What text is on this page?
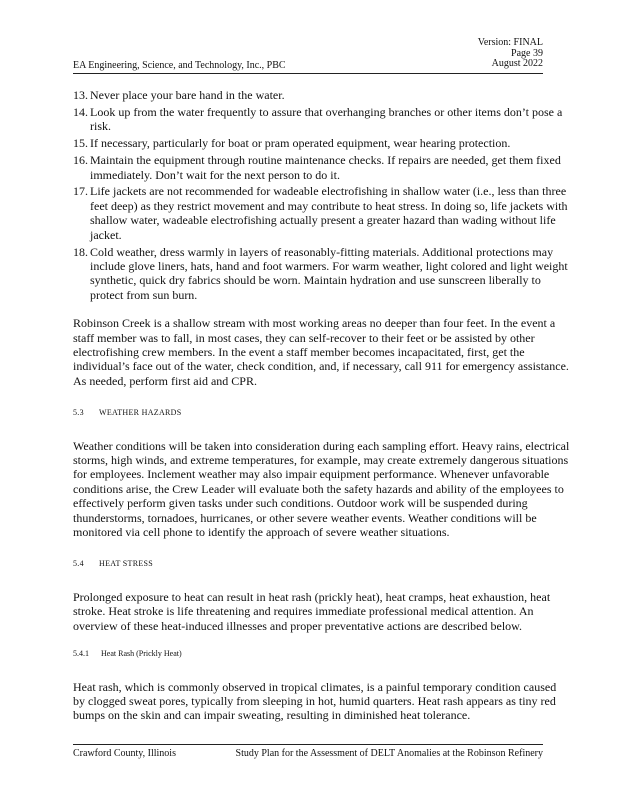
Version: FINAL
Page 39
August 2022
EA Engineering, Science, and Technology, Inc., PBC
13. Never place your bare hand in the water.
14. Look up from the water frequently to assure that overhanging branches or other items don’t pose a risk.
15. If necessary, particularly for boat or pram operated equipment, wear hearing protection.
16. Maintain the equipment through routine maintenance checks. If repairs are needed, get them fixed immediately. Don’t wait for the next person to do it.
17. Life jackets are not recommended for wadeable electrofishing in shallow water (i.e., less than three feet deep) as they restrict movement and may contribute to heat stress. In doing so, life jackets with shallow water, wadeable electrofishing actually present a greater hazard than wading without life jacket.
18. Cold weather, dress warmly in layers of reasonably-fitting materials. Additional protections may include glove liners, hats, hand and foot warmers. For warm weather, light colored and light weight synthetic, quick dry fabrics should be worn. Maintain hydration and use sunscreen liberally to protect from sun burn.

Robinson Creek is a shallow stream with most working areas no deeper than four feet. In the event a staff member was to fall, in most cases, they can self-recover to their feet or be assisted by other electrofishing crew members. In the event a staff member becomes incapacitated, first, get the individual’s face out of the water, check condition, and, if necessary, call 911 for emergency assistance. As needed, perform first aid and CPR.

5.3 WEATHER HAZARDS

Weather conditions will be taken into consideration during each sampling effort. Heavy rains, electrical storms, high winds, and extreme temperatures, for example, may create extremely dangerous situations for employees. Inclement weather may also impair equipment performance. Whenever unfavorable conditions arise, the Crew Leader will evaluate both the safety hazards and ability of the employees to effectively perform given tasks under such conditions. Outdoor work will be suspended during thunderstorms, tornadoes, hurricanes, or other severe weather events. Weather conditions will be monitored via cell phone to identify the approach of severe weather situations.

5.4 HEAT STRESS

Prolonged exposure to heat can result in heat rash (prickly heat), heat cramps, heat exhaustion, heat stroke. Heat stroke is life threatening and requires immediate professional medical attention. An overview of these heat-induced illnesses and proper preventative actions are described below.

5.4.1 Heat Rash (Prickly Heat)

Heat rash, which is commonly observed in tropical climates, is a painful temporary condition caused by clogged sweat pores, typically from sleeping in hot, humid quarters. Heat rash appears as tiny red bumps on the skin and can impair sweating, resulting in diminished heat tolerance.

Crawford County, Illinois	Study Plan for the Assessment of DELT Anomalies at the Robinson Refinery
